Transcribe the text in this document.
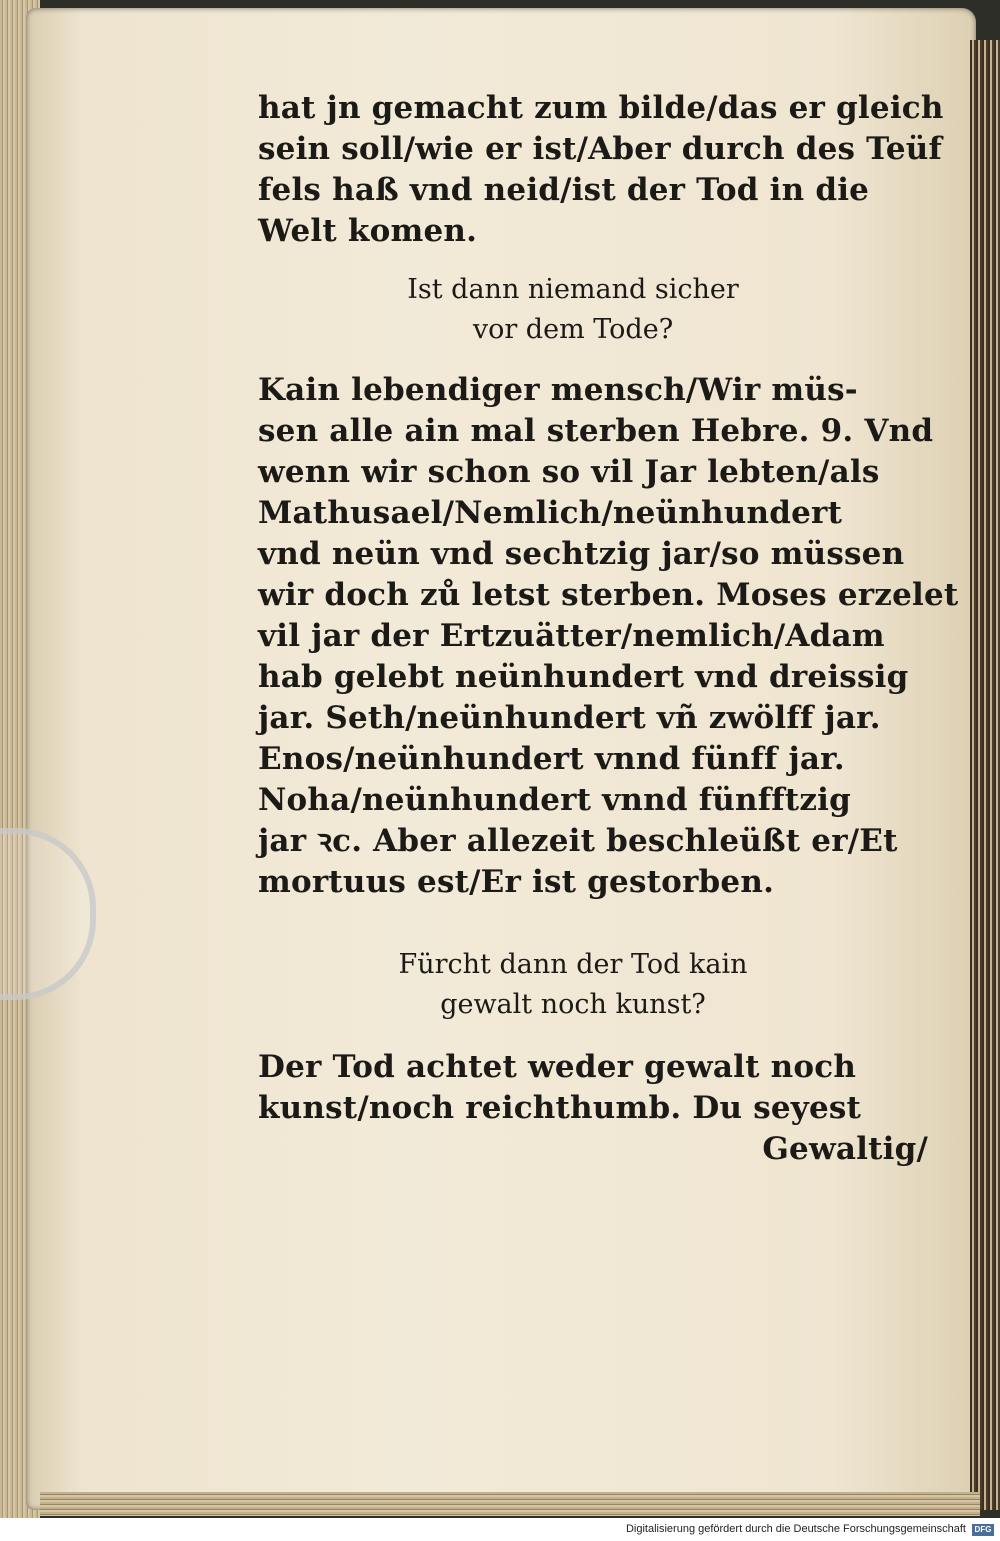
hat jn gemacht zum bilde/das er gleich
sein soll/wie er ist/Aber durch des Teüf
fels haß vnd neid/ist der Tod in die
Welt komen.

Ist dann niemand sicher
vor dem Tode?

Kain lebendiger mensch/Wir müs-
sen alle ain mal sterben Hebre. 9. Vnd
wenn wir schon so vil Jar lebten/als
Mathusael/Nemlich/neünhundert
vnd neün vnd sechtzig jar/so müssen
wir doch zů letst sterben. Moses erzelet
vil jar der Ertzuätter/nemlich/Adam
hab gelebt neünhundert vnd dreissig
jar. Seth/neünhundert vñ zwölff jar.
Enos/neünhundert vnnd fünff jar.
Noha/neünhundert vnnd fünfftzig
jar ꝛc. Aber allezeit beschleüßt er/Et
mortuus est/Er ist gestorben.

Fürcht dann der Tod kain
gewalt noch kunst?

Der Tod achtet weder gewalt noch
kunst/noch reichthumb. Du seyest
Gewaltig/

Digitalisierung gefördert durch die Deutsche Forschungsgemeinschaft DFG
